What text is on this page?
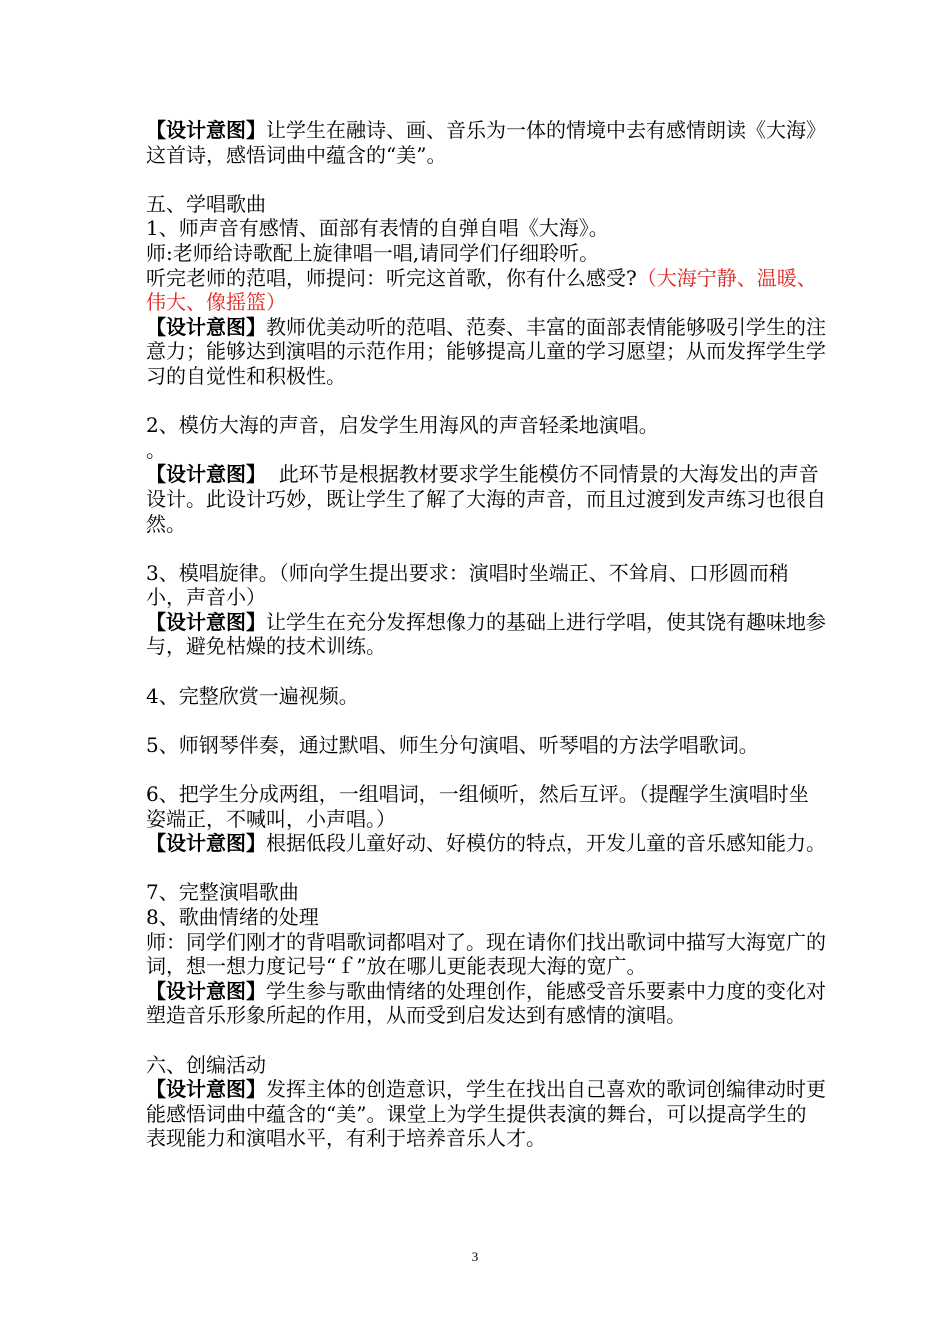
【设计意图】让学生在融诗、画、音乐为一体的情境中去有感情朗读《大海》这首诗，感悟词曲中蕴含的“美”。

五、学唱歌曲

1、师声音有感情、面部有表情的自弹自唱《大海》。

师:老师给诗歌配上旋律唱一唱,请同学们仔细聆听。

听完老师的范唱，师提问：听完这首歌，你有什么感受?（大海宁静、温暖、伟大、像摇篮）

【设计意图】教师优美动听的范唱、范奏、丰富的面部表情能够吸引学生的注意力；能够达到演唱的示范作用；能够提高儿童的学习愿望；从而发挥学生学习的自觉性和积极性。

2、模仿大海的声音，启发学生用海风的声音轻柔地演唱。

。

【设计意图】  此环节是根据教材要求学生能模仿不同情景的大海发出的声音设计。此设计巧妙，既让学生了解了大海的声音，而且过渡到发声练习也很自然。

3、模唱旋律。（师向学生提出要求：演唱时坐端正、不耸肩、口形圆而稍小，声音小）

【设计意图】让学生在充分发挥想像力的基础上进行学唱，使其饶有趣味地参与，避免枯燥的技术训练。

4、完整欣赏一遍视频。

5、师钢琴伴奏，通过默唱、师生分句演唱、听琴唱的方法学唱歌词。

6、把学生分成两组，一组唱词，一组倾听，然后互评。（提醒学生演唱时坐姿端正，不喊叫，小声唱。）

【设计意图】根据低段儿童好动、好模仿的特点，开发儿童的音乐感知能力。

7、完整演唱歌曲

8、歌曲情绪的处理

师：同学们刚才的背唱歌词都唱对了。现在请你们找出歌词中描写大海宽广的词，想一想力度记号“ｆ”放在哪儿更能表现大海的宽广。

【设计意图】学生参与歌曲情绪的处理创作，能感受音乐要素中力度的变化对塑造音乐形象所起的作用，从而受到启发达到有感情的演唱。

六、创编活动

【设计意图】发挥主体的创造意识，学生在找出自己喜欢的歌词创编律动时更能感悟词曲中蕴含的“美”。课堂上为学生提供表演的舞台，可以提高学生的表现能力和演唱水平，有利于培养音乐人才。

3
